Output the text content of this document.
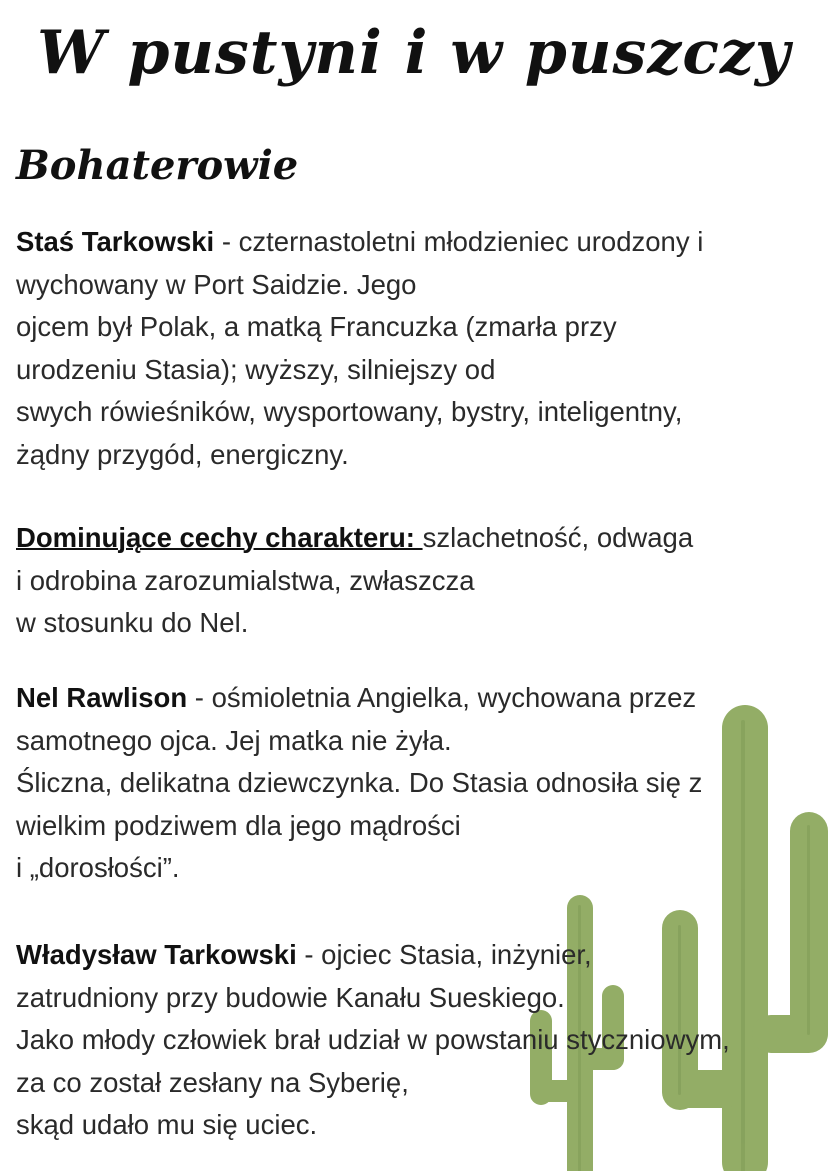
W pustyni i w puszczy
Bohaterowie
Staś Tarkowski - czternastoletni młodzieniec urodzony i
wychowany w Port Saidzie. Jego
ojcem był Polak, a matką Francuzka (zmarła przy
urodzeniu Stasia); wyższy, silniejszy od
swych rówieśników, wysportowany, bystry, inteligentny,
żądny przygód, energiczny.
Dominujące cechy charakteru: szlachetność, odwaga
i odrobina zarozumialstwa, zwłaszcza
w stosunku do Nel.
Nel Rawlison - ośmioletnia Angielka, wychowana przez
samotnego ojca. Jej matka nie żyła.
Śliczna, delikatna dziewczynka. Do Stasia odnosiła się z
wielkim podziwem dla jego mądrości
i „dorosłości”.
Władysław Tarkowski - ojciec Stasia, inżynier,
zatrudniony przy budowie Kanału Sueskiego.
Jako młody człowiek brał udział w powstaniu styczniowym,
za co został zesłany na Syberię,
skąd udało mu się uciec.
